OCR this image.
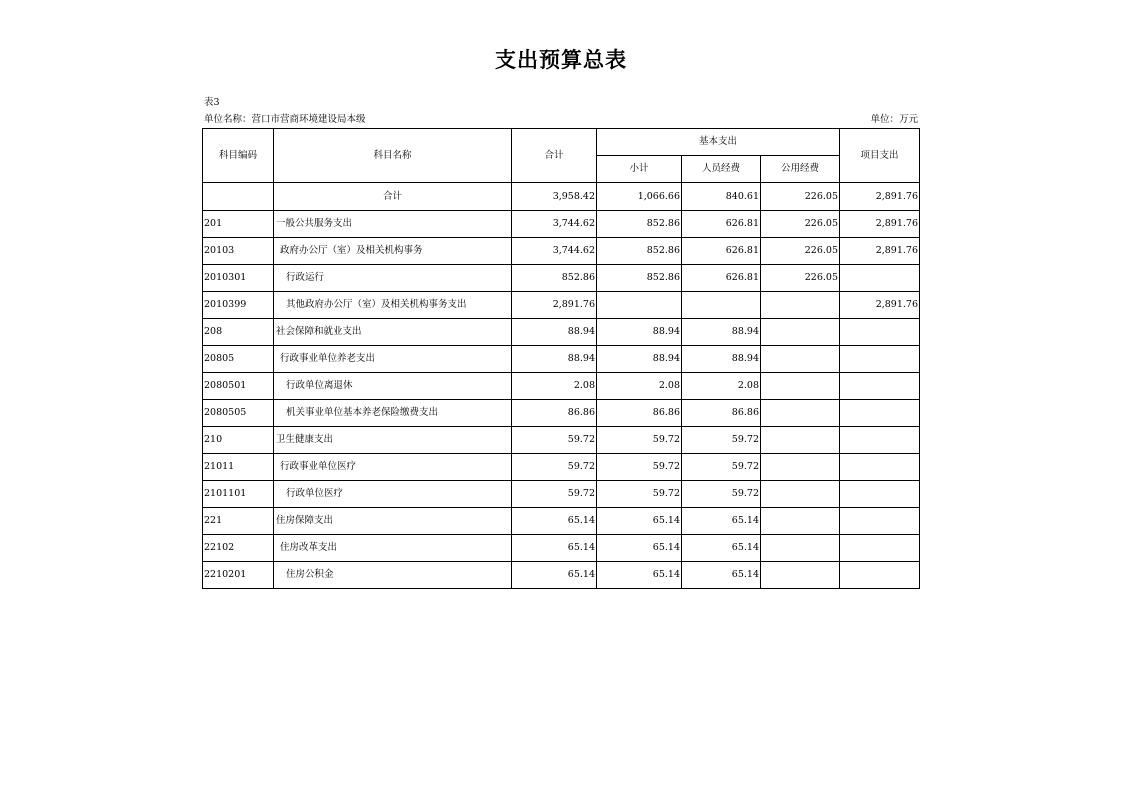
支出预算总表
表3
单位名称：营口市营商环境建设局本级	单位：万元
科目编码	科目名称	合计	基本支出			项目支出
			小计	人员经费	公用经费	
	合计	3,958.42	1,066.66	840.61	226.05	2,891.76
201	一般公共服务支出	3,744.62	852.86	626.81	226.05	2,891.76
20103	政府办公厅（室）及相关机构事务	3,744.62	852.86	626.81	226.05	2,891.76
2010301	行政运行	852.86	852.86	626.81	226.05	
2010399	其他政府办公厅（室）及相关机构事务支出	2,891.76				2,891.76
208	社会保障和就业支出	88.94	88.94	88.94		
20805	行政事业单位养老支出	88.94	88.94	88.94		
2080501	行政单位离退休	2.08	2.08	2.08		
2080505	机关事业单位基本养老保险缴费支出	86.86	86.86	86.86		
210	卫生健康支出	59.72	59.72	59.72		
21011	行政事业单位医疗	59.72	59.72	59.72		
2101101	行政单位医疗	59.72	59.72	59.72		
221	住房保障支出	65.14	65.14	65.14		
22102	住房改革支出	65.14	65.14	65.14		
2210201	住房公积金	65.14	65.14	65.14		
